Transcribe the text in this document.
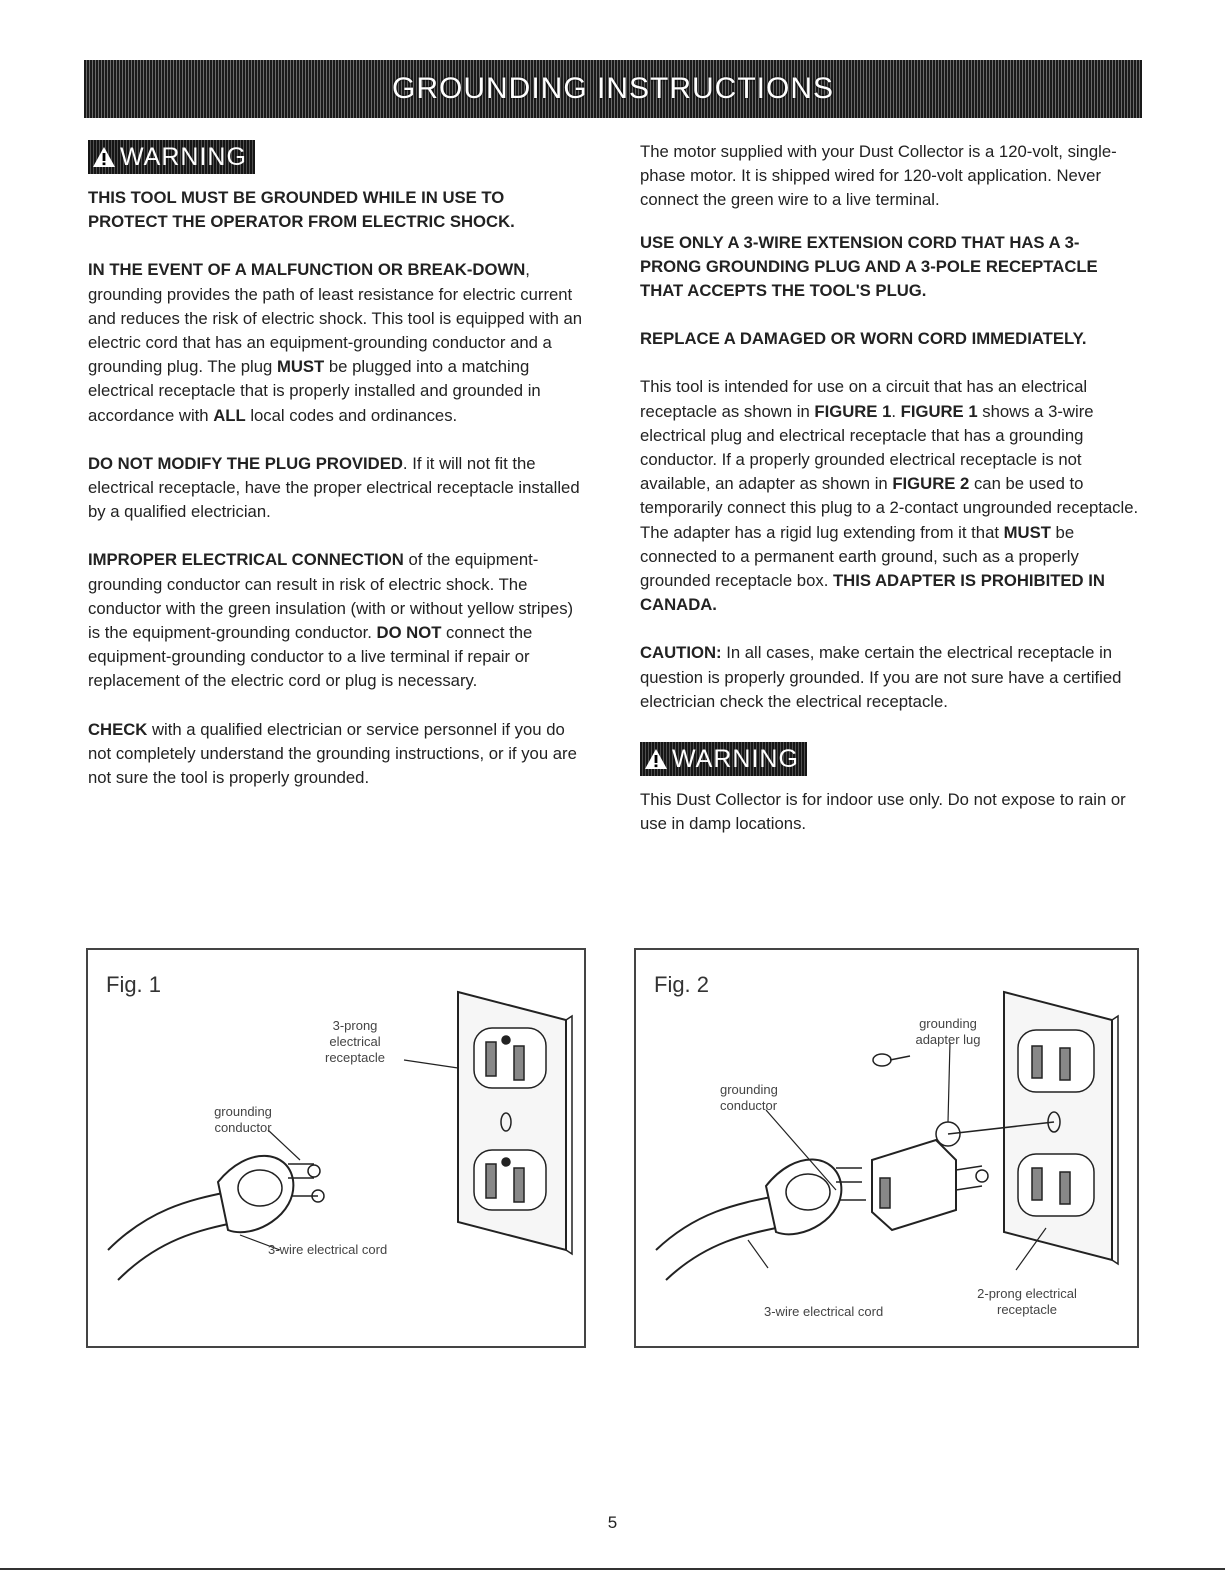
GROUNDING INSTRUCTIONS
WARNING

THIS TOOL MUST BE GROUNDED WHILE IN USE TO PROTECT THE OPERATOR FROM ELECTRIC SHOCK.

IN THE EVENT OF A MALFUNCTION OR BREAK-DOWN, grounding provides the path of least resistance for electric current and reduces the risk of electric shock. This tool is equipped with an electric cord that has an equipment-grounding conductor and a grounding plug. The plug MUST be plugged into a matching electrical receptacle that is properly installed and grounded in accordance with ALL local codes and ordinances.

DO NOT MODIFY THE PLUG PROVIDED. If it will not fit the electrical receptacle, have the proper electrical receptacle installed by a qualified electrician.

IMPROPER ELECTRICAL CONNECTION of the equipment-grounding conductor can result in risk of electric shock. The conductor with the green insulation (with or without yellow stripes) is the equipment-grounding conductor. DO NOT connect the equipment-grounding conductor to a live terminal if repair or replacement of the electric cord or plug is necessary.

CHECK with a qualified electrician or service personnel if you do not completely understand the grounding instructions, or if you are not sure the tool is properly grounded.

The motor supplied with your Dust Collector is a 120-volt, single-phase motor. It is shipped wired for 120-volt application. Never connect the green wire to a live terminal.

USE ONLY A 3-WIRE EXTENSION CORD THAT HAS A 3-PRONG GROUNDING PLUG AND A 3-POLE RECEPTACLE THAT ACCEPTS THE TOOL'S PLUG.

REPLACE A DAMAGED OR WORN CORD IMMEDIATELY.

This tool is intended for use on a circuit that has an electrical receptacle as shown in FIGURE 1. FIGURE 1 shows a 3-wire electrical plug and electrical receptacle that has a grounding conductor. If a properly grounded electrical receptacle is not available, an adapter as shown in FIGURE 2 can be used to temporarily connect this plug to a 2-contact ungrounded receptacle. The adapter has a rigid lug extending from it that MUST be connected to a permanent earth ground, such as a properly grounded receptacle box. THIS ADAPTER IS PROHIBITED IN CANADA.

CAUTION: In all cases, make certain the electrical receptacle in question is properly grounded. If you are not sure have a certified electrician check the electrical receptacle.

WARNING

This Dust Collector is for indoor use only. Do not expose to rain or use in damp locations.

Fig. 1
3-prong electrical receptacle
grounding conductor
3-wire electrical cord
Fig. 2
grounding adapter lug
grounding conductor
3-wire electrical cord
2-prong electrical receptacle
5
